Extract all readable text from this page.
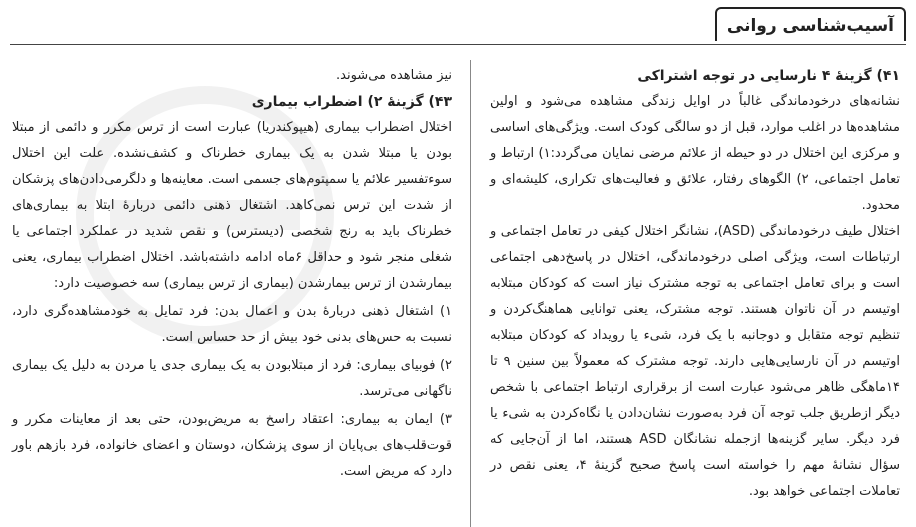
آسیب‌شناسی روانی
۴۱) گزینهٔ ۴ نارسایی در توجه اشتراکی

نشانه‌های درخودماندگی غالباً در اوایل زندگی مشاهده می‌شود و اولین مشاهده‌ها در اغلب موارد، قبل از دو سالگی کودک است. ویژگی‌های اساسی و مرکزی این اختلال در دو حیطه از علائم مرضی نمایان می‌گردد:۱) ارتباط و تعامل اجتماعی، ۲) الگوهای رفتار، علائق و فعالیت‌های تکراری، کلیشه‌ای و محدود.

اختلال طیف درخودماندگی (ASD)، نشانگر اختلال کیفی در تعامل اجتماعی و ارتباطات است، ویژگی اصلی درخودماندگی، اختلال در پاسخ‌دهی اجتماعی است و برای تعامل اجتماعی به توجه مشترک نیاز است که کودکان مبتلابه اوتیسم در آن ناتوان هستند. توجه مشترک، یعنی توانایی هماهنگ‌کردن و تنظیم توجه متقابل و دوجانبه با یک فرد، شیء یا رویداد که کودکان مبتلابه اوتیسم در آن نارسایی‌هایی دارند. توجه مشترک که معمولاً بین سنین ۹ تا ۱۴ماهگی ظاهر می‌شود عبارت است از برقراری ارتباط اجتماعی با شخص دیگر ازطریق جلب توجه آن فرد به‌صورت نشان‌دادن یا نگاه‌کردن به شیء یا فرد دیگر. سایر گزینه‌ها ازجمله نشانگان ASD هستند، اما از آن‌جایی که سؤال نشانهٔ مهم را خواسته است پاسخ صحیح گزینهٔ ۴، یعنی نقص در تعاملات اجتماعی خواهد بود.

نیز مشاهده می‌شوند.

۴۳) گزینهٔ ۲) اضطراب بیماری

اختلال اضطراب بیماری (هیپوکندریا) عبارت است از ترس مکرر و دائمی از مبتلا بودن یا مبتلا شدن به یک بیماری خطرناک و کشف‌نشده. علت این اختلال سوءتفسیر علائم یا سمپتوم‌های جسمی است. معاینه‌ها و دلگرمی‌دادن‌های پزشکان از شدت این ترس نمی‌کاهد. اشتغال ذهنی دائمی دربارهٔ ابتلا به بیماری‌های خطرناک باید به رنج شخصی (دیسترس) و نقص شدید در عملکرد اجتماعی یا شغلی منجر شود و حداقل ۶ماه ادامه داشته‌باشد. اختلال اضطراب بیماری، یعنی بیمارشدن از ترس بیمارشدن (بیماری از ترس بیماری) سه خصوصیت دارد:

۱) اشتغال ذهنی دربارهٔ بدن و اعمال بدن: فرد تمایل به خودمشاهده‌گری دارد، نسبت به حس‌های بدنی خود بیش از حد حساس است.

۲) فوبیای بیماری: فرد از مبتلابودن به یک بیماری جدی یا مردن به دلیل یک بیماری ناگهانی می‌ترسد.

۳) ایمان به بیماری: اعتقاد راسخ به مریض‌بودن، حتی بعد از معاینات مکرر و قوت‌قلب‌های بی‌پایان از سوی پزشکان، دوستان و اعضای خانواده، فرد بازهم باور دارد که مریض است.
